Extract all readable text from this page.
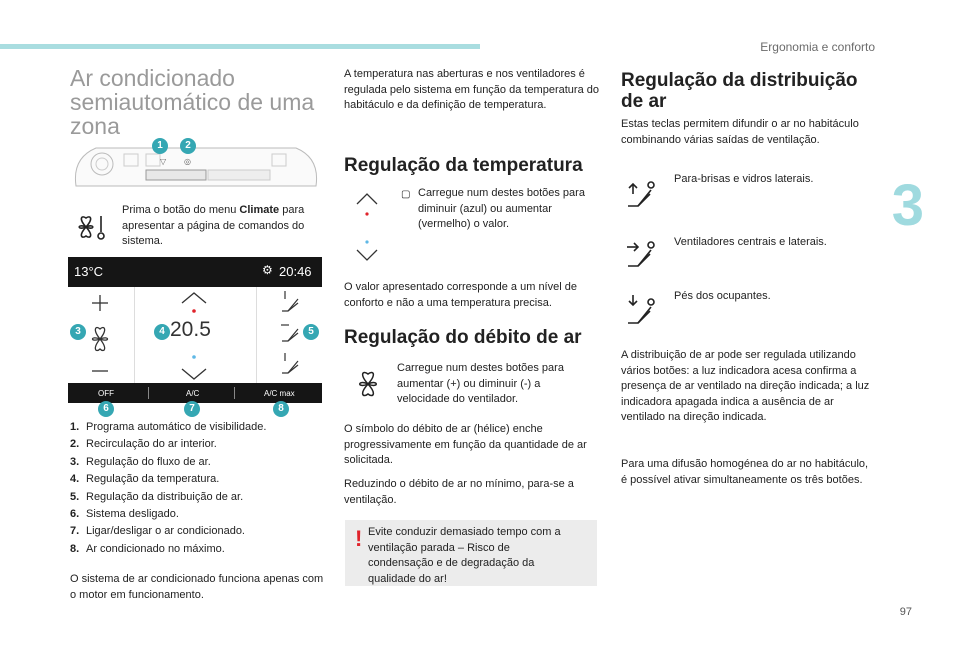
Ergonomia e conforto
3
97
Ar condicionado
semiautomático de uma zona
▽ ◎
1	2
Prima o botão do menu Climate para apresentar a página de comandos do sistema.
13°C	⚙ 20:46
20.5
OFF	A/C	A/C max
3	4	5
6	7	8
1. Programa automático de visibilidade.
2. Recirculação do ar interior.
3. Regulação do fluxo de ar.
4. Regulação da temperatura.
5. Regulação da distribuição de ar.
6. Sistema desligado.
7. Ligar/desligar o ar condicionado.
8. Ar condicionado no máximo.
O sistema de ar condicionado funciona apenas com o motor em funcionamento.
A temperatura nas aberturas e nos ventiladores é regulada pelo sistema em função da temperatura do habitáculo e da definição de temperatura.
Regulação da temperatura
▢ Carregue num destes botões para diminuir (azul) ou aumentar (vermelho) o valor.
O valor apresentado corresponde a um nível de conforto e não a uma temperatura precisa.
Regulação do débito de ar
Carregue num destes botões para aumentar (+) ou diminuir (-) a velocidade do ventilador.
O símbolo do débito de ar (hélice) enche progressivamente em função da quantidade de ar solicitada.
Reduzindo o débito de ar no mínimo, para-se a ventilação.
! Evite conduzir demasiado tempo com a ventilação parada – Risco de condensação e de degradação da qualidade do ar!
Regulação da distribuição
de ar
Estas teclas permitem difundir o ar no habitáculo combinando várias saídas de ventilação.
Para-brisas e vidros laterais.
Ventiladores centrais e laterais.
Pés dos ocupantes.
A distribuição de ar pode ser regulada utilizando vários botões: a luz indicadora acesa confirma a presença de ar ventilado na direção indicada; a luz indicadora apagada indica a ausência de ar ventilado na direção indicada.
Para uma difusão homogénea do ar no habitáculo, é possível ativar simultaneamente os três botões.
